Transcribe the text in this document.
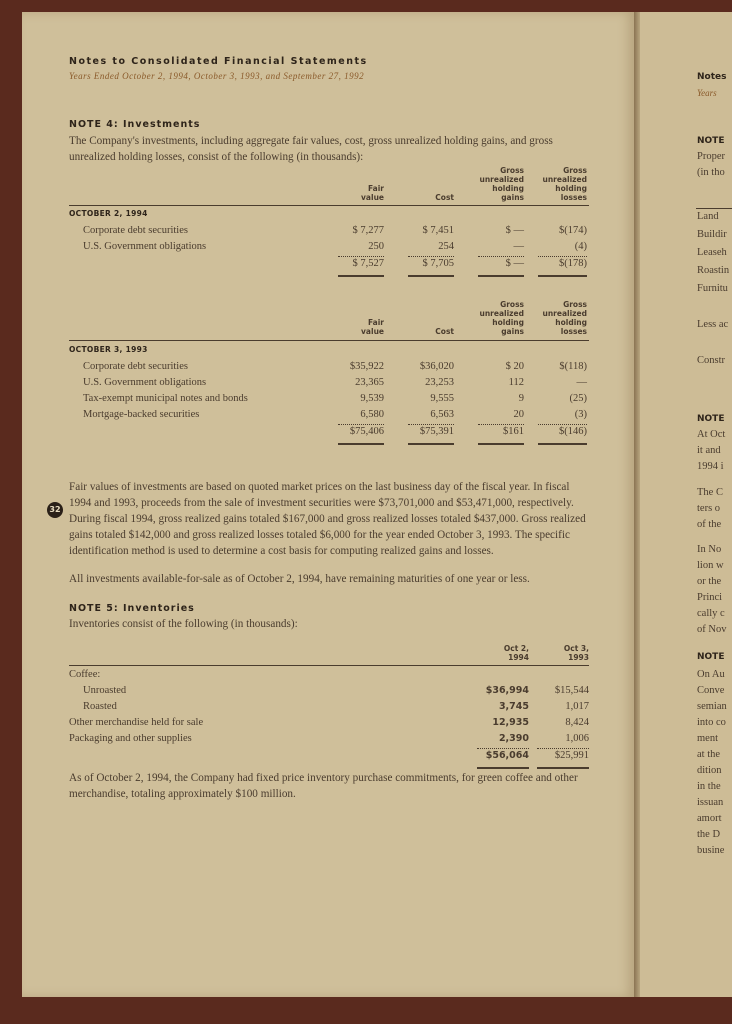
Notes
Years
NOTE
Proper
(in tho
Land
Buildir
Leaseh
Roastin
Furnitu
Less ac
Constr
NOTE
At Oct
it and
1994 i
The C
ters o
of the
In No
lion w
or the
Princi
cally c
of Nov
NOTE
On Au
Conve
semian
into co
ment
at the
dition
in the
issuan
amort
the D
busine
32
Notes to Consolidated Financial Statements
Years Ended October 2, 1994, October 3, 1993, and September 27, 1992
NOTE 4: Investments
The Company's investments, including aggregate fair values, cost, gross unrealized holding gains, and gross unrealized holding losses, consist of the following (in thousands):
Fair
value	Cost
Gross
unrealized
holding
gains
Gross
unrealized
holding
losses
OCTOBER 2, 1994
Corporate debt securities	$ 7,277	$ 7,451	$ —	$(174)
U.S. Government obligations	250	254	—	(4)
$ 7,527	$ 7,705	$ —	$(178)
Fair
value	Cost
Gross
unrealized
holding
gains
Gross
unrealized
holding
losses
OCTOBER 3, 1993
Corporate debt securities	$35,922	$36,020	$ 20	$(118)
U.S. Government obligations	23,365	23,253	112	—
Tax-exempt municipal notes and bonds	9,539	9,555	9	(25)
Mortgage-backed securities	6,580	6,563	20	(3)
$75,406	$75,391	$161	$(146)
Fair values of investments are based on quoted market prices on the last business day of the fiscal year. In fiscal 1994 and 1993, proceeds from the sale of investment securities were $73,701,000 and $53,471,000, respectively. During fiscal 1994, gross realized gains totaled $167,000 and gross realized losses totaled $437,000. Gross realized gains totaled $142,000 and gross realized losses totaled $6,000 for the year ended October 3, 1993. The specific identification method is used to determine a cost basis for computing realized gains and losses.
All investments available-for-sale as of October 2, 1994, have remaining maturities of one year or less.
NOTE 5: Inventories
Inventories consist of the following (in thousands):
Oct 2,
1994
Oct 3,
1993
Coffee:
Unroasted	$36,994	$15,544
Roasted	3,745	1,017
Other merchandise held for sale	12,935	8,424
Packaging and other supplies	2,390	1,006
$56,064	$25,991
As of October 2, 1994, the Company had fixed price inventory purchase commitments, for green coffee and other merchandise, totaling approximately $100 million.
